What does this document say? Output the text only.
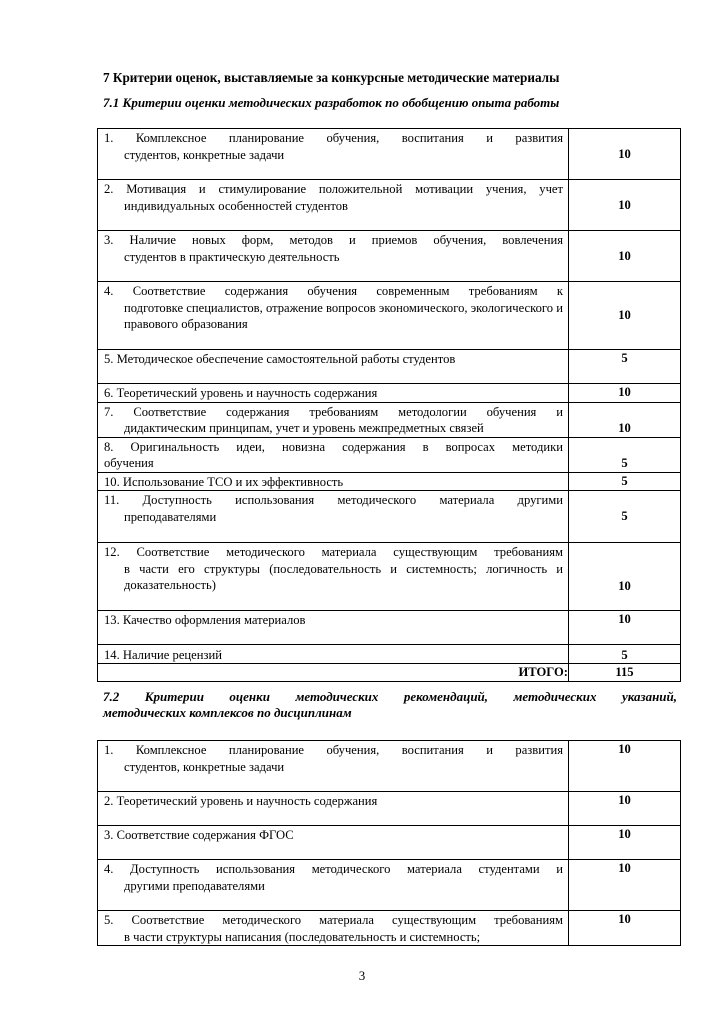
7 Критерии оценок, выставляемые за конкурсные методические материалы
7.1 Критерии оценки методических разработок по обобщению опыта работы
1. Комплексное планирование обучения, воспитания и развития
студентов, конкретные задачи	10

2. Мотивация и стимулирование положительной мотивации учения, учет
индивидуальных особенностей студентов	10

3. Наличие новых форм, методов и приемов обучения, вовлечения
студентов в практическую деятельность	10

4. Соответствие содержания обучения современным требованиям к
подготовке специалистов, отражение вопросов экономического, экологического и правового образования	10

5. Методическое обеспечение самостоятельной работы студентов	5

6. Теоретический уровень и научность содержания	10

7. Соответствие содержания требованиям методологии обучения и
дидактическим принципам, учет и уровень межпредметных связей	10

8. Оригинальность идеи, новизна содержания в вопросах методики
обучения	5

10. Использование ТСО и их эффективность	5

11. Доступность использования методического материала другими
преподавателями	5

12. Соответствие методического материала существующим требованиям
в части его структуры (последовательность и системность; логичность и доказательность)	10

13. Качество оформления материалов	10

14. Наличие рецензий	5
ИТОГО:	115
7.2 Критерии оценки методических рекомендаций, методических указаний,
методических комплексов по дисциплинам
1. Комплексное планирование обучения, воспитания и развития
студентов, конкретные задачи	10

2. Теоретический уровень и научность содержания	10

3. Соответствие содержания ФГОС	10

4. Доступность использования методического материала студентами и
другими преподавателями	10

5. Соответствие методического материала существующим требованиям
в части структуры написания (последовательность и системность;	10
3
